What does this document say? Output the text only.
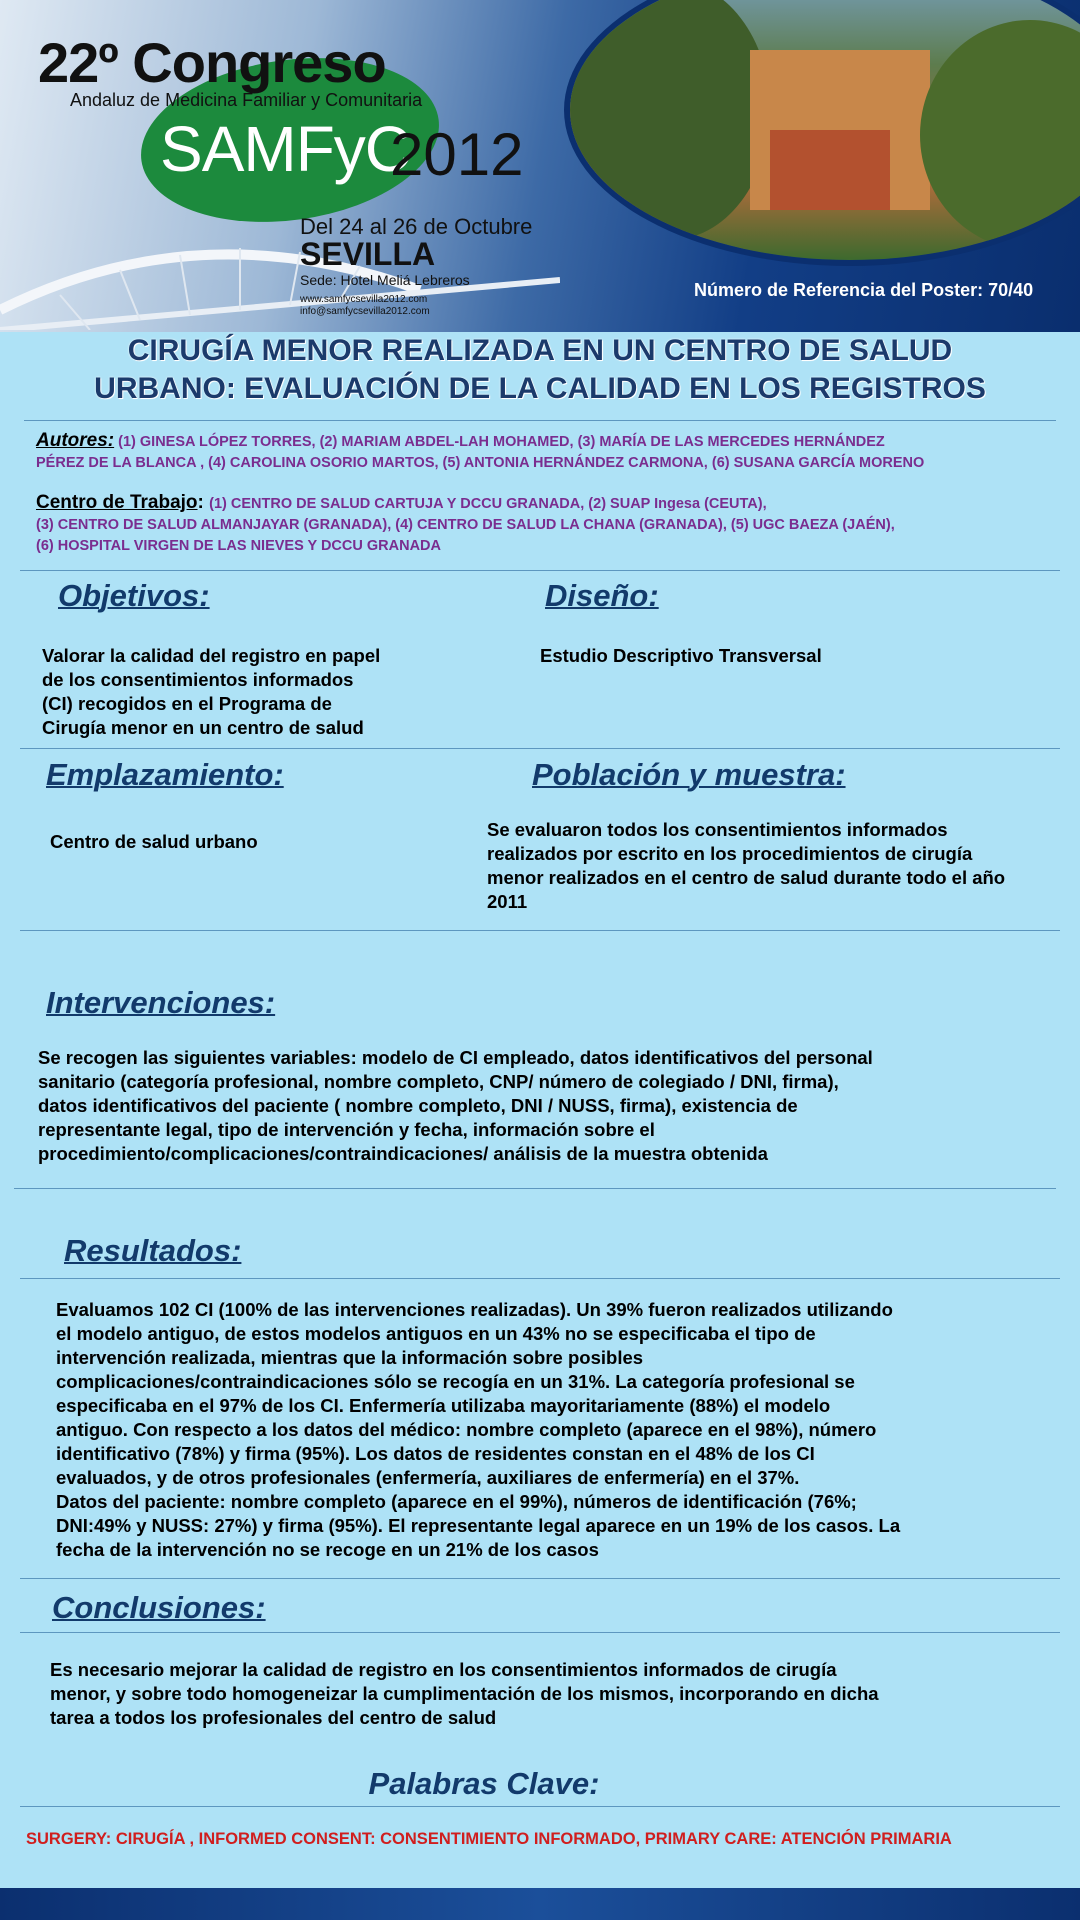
22º Congreso
Andaluz de Medicina Familiar y Comunitaria
SAMFyC
2012
Del 24 al 26 de Octubre
SEVILLA
Sede: Hotel Meliá Lebreros
www.samfycsevilla2012.com
info@samfycsevilla2012.com
Número de Referencia del Poster: 70/40
CIRUGÍA MENOR REALIZADA EN UN CENTRO DE SALUD
URBANO: EVALUACIÓN DE LA CALIDAD EN LOS REGISTROS
Autores: (1) GINESA LÓPEZ TORRES, (2) MARIAM ABDEL-LAH MOHAMED, (3) MARÍA DE LAS MERCEDES HERNÁNDEZ
PÉREZ DE LA BLANCA , (4) CAROLINA OSORIO MARTOS, (5) ANTONIA HERNÁNDEZ CARMONA, (6) SUSANA GARCÍA MORENO
Centro de Trabajo: (1) CENTRO DE SALUD CARTUJA Y DCCU GRANADA, (2) SUAP Ingesa (CEUTA),
(3) CENTRO DE SALUD ALMANJAYAR (GRANADA), (4) CENTRO DE SALUD LA CHANA (GRANADA), (5) UGC BAEZA (JAÉN),
(6) HOSPITAL VIRGEN DE LAS NIEVES Y DCCU GRANADA
Objetivos:	Diseño:
Valorar la calidad del registro en papel
de los consentimientos informados
(CI) recogidos en el Programa de
Cirugía menor en un centro de salud
Estudio Descriptivo Transversal
Emplazamiento:	Población y muestra:
Centro de salud urbano
Se evaluaron todos los consentimientos informados
realizados por escrito en los procedimientos de cirugía
menor realizados en el centro de salud durante todo el año
2011
Intervenciones:
Se recogen las siguientes variables: modelo de CI empleado, datos identificativos del personal
sanitario (categoría profesional, nombre completo, CNP/ número de colegiado / DNI, firma),
datos identificativos del paciente ( nombre completo, DNI / NUSS, firma), existencia de
representante legal, tipo de intervención y fecha, información sobre el
procedimiento/complicaciones/contraindicaciones/ análisis de la muestra obtenida
Resultados:
Evaluamos 102 CI (100% de las intervenciones realizadas). Un 39% fueron realizados utilizando
el modelo antiguo, de estos modelos antiguos en un 43% no se especificaba el tipo de
intervención realizada, mientras que la información sobre posibles
complicaciones/contraindicaciones sólo se recogía en un 31%. La categoría profesional se
especificaba en el 97% de los CI. Enfermería utilizaba mayoritariamente (88%) el modelo
antiguo. Con respecto a los datos del médico: nombre completo (aparece en el 98%), número
identificativo (78%) y firma (95%). Los datos de residentes constan en el 48% de los CI
evaluados, y de otros profesionales (enfermería, auxiliares de enfermería) en el 37%.
Datos del paciente: nombre completo (aparece en el 99%), números de identificación (76%;
DNI:49% y NUSS: 27%) y firma (95%). El representante legal aparece en un 19% de los casos. La
fecha de la intervención no se recoge en un 21% de los casos
Conclusiones:
Es necesario mejorar la calidad de registro en los consentimientos informados de cirugía
menor, y sobre todo homogeneizar la cumplimentación de los mismos, incorporando en dicha
tarea a todos los profesionales del centro de salud
Palabras Clave:
SURGERY: CIRUGÍA , INFORMED CONSENT: CONSENTIMIENTO INFORMADO, PRIMARY CARE: ATENCIÓN PRIMARIA
